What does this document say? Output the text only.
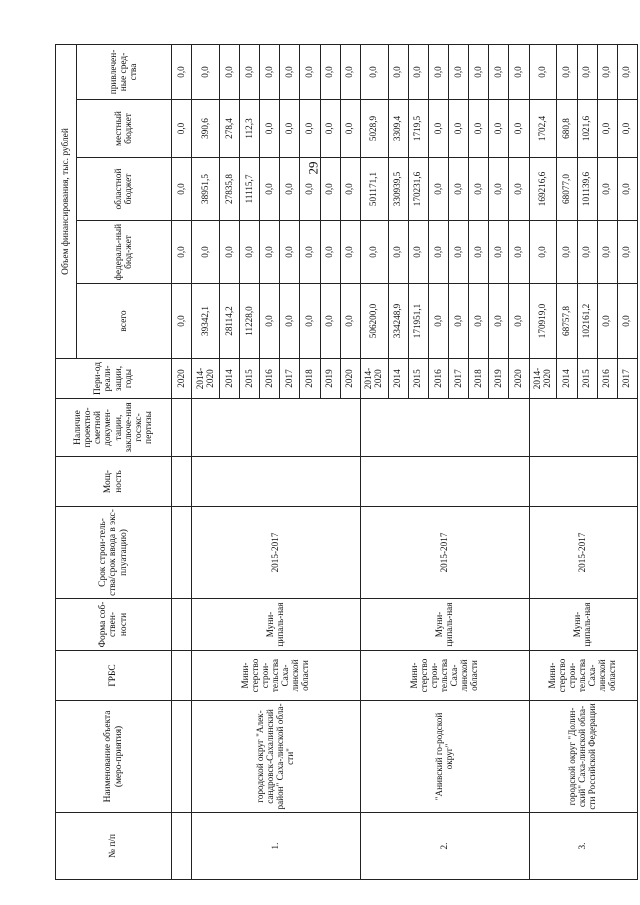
29
№ п/п	Наименование объекта (меро-приятия)	ГРБС	Форма соб-ствен-ности	Срок строи-тель-ства/срок ввода в экс-плуатацию)	Мощ-ность	Наличие проектно-сметной докумен-тации, заключе-ния госэкс-пертизы	Пери-од реали-зации, годы	Объем финансирования, тыс. рублей	
								всего	федераль-ный бюд-жет	областной бюджет	местный бюджет	привлечен-ные сред-ства	
							2020	0,0	0,0	0,0	0,0	0,0	
1.	городской округ "Алек-сандровск-Сахалинский район" Саха-линской обла-сти"	Мини-стерство строи-тельства Саха-линской области	Муни-ципаль-ная	2015-2017			2014-2020	39342,1	0,0	38951,5	390,6	0,0	
							2014	28114,2	0,0	27835,8	278,4	0,0	
							2015	11228,0	0,0	11115,7	112,3	0,0	
							2016	0,0	0,0	0,0	0,0	0,0	
							2017	0,0	0,0	0,0	0,0	0,0	
							2018	0,0	0,0	0,0	0,0	0,0	
							2019	0,0	0,0	0,0	0,0	0,0	
							2020	0,0	0,0	0,0	0,0	0,0	
2.	"Анивский го-родской округ"	Мини-стерство строи-тельства Саха-линской области	Муни-ципаль-ная	2015-2017			2014-2020	506200,0	0,0	501171,1	5028,9	0,0	
							2014	334248,9	0,0	330939,5	3309,4	0,0	
							2015	171951,1	0,0	170231,6	1719,5	0,0	
							2016	0,0	0,0	0,0	0,0	0,0	
							2017	0,0	0,0	0,0	0,0	0,0	
							2018	0,0	0,0	0,0	0,0	0,0	
							2019	0,0	0,0	0,0	0,0	0,0	
							2020	0,0	0,0	0,0	0,0	0,0	
3.	городской округ "Долин-ский" Саха-линской обла-сти Российской Федерации	Мини-стерство строи-тельства Саха-линской области	Муни-ципаль-ная	2015-2017			2014-2020	170919,0	0,0	169216,6	1702,4	0,0	
							2014	68757,8	0,0	68077,0	680,8	0,0	
							2015	102161,2	0,0	101139,6	1021,6	0,0	
							2016	0,0	0,0	0,0	0,0	0,0	
							2017	0,0	0,0	0,0	0,0	0,0	
